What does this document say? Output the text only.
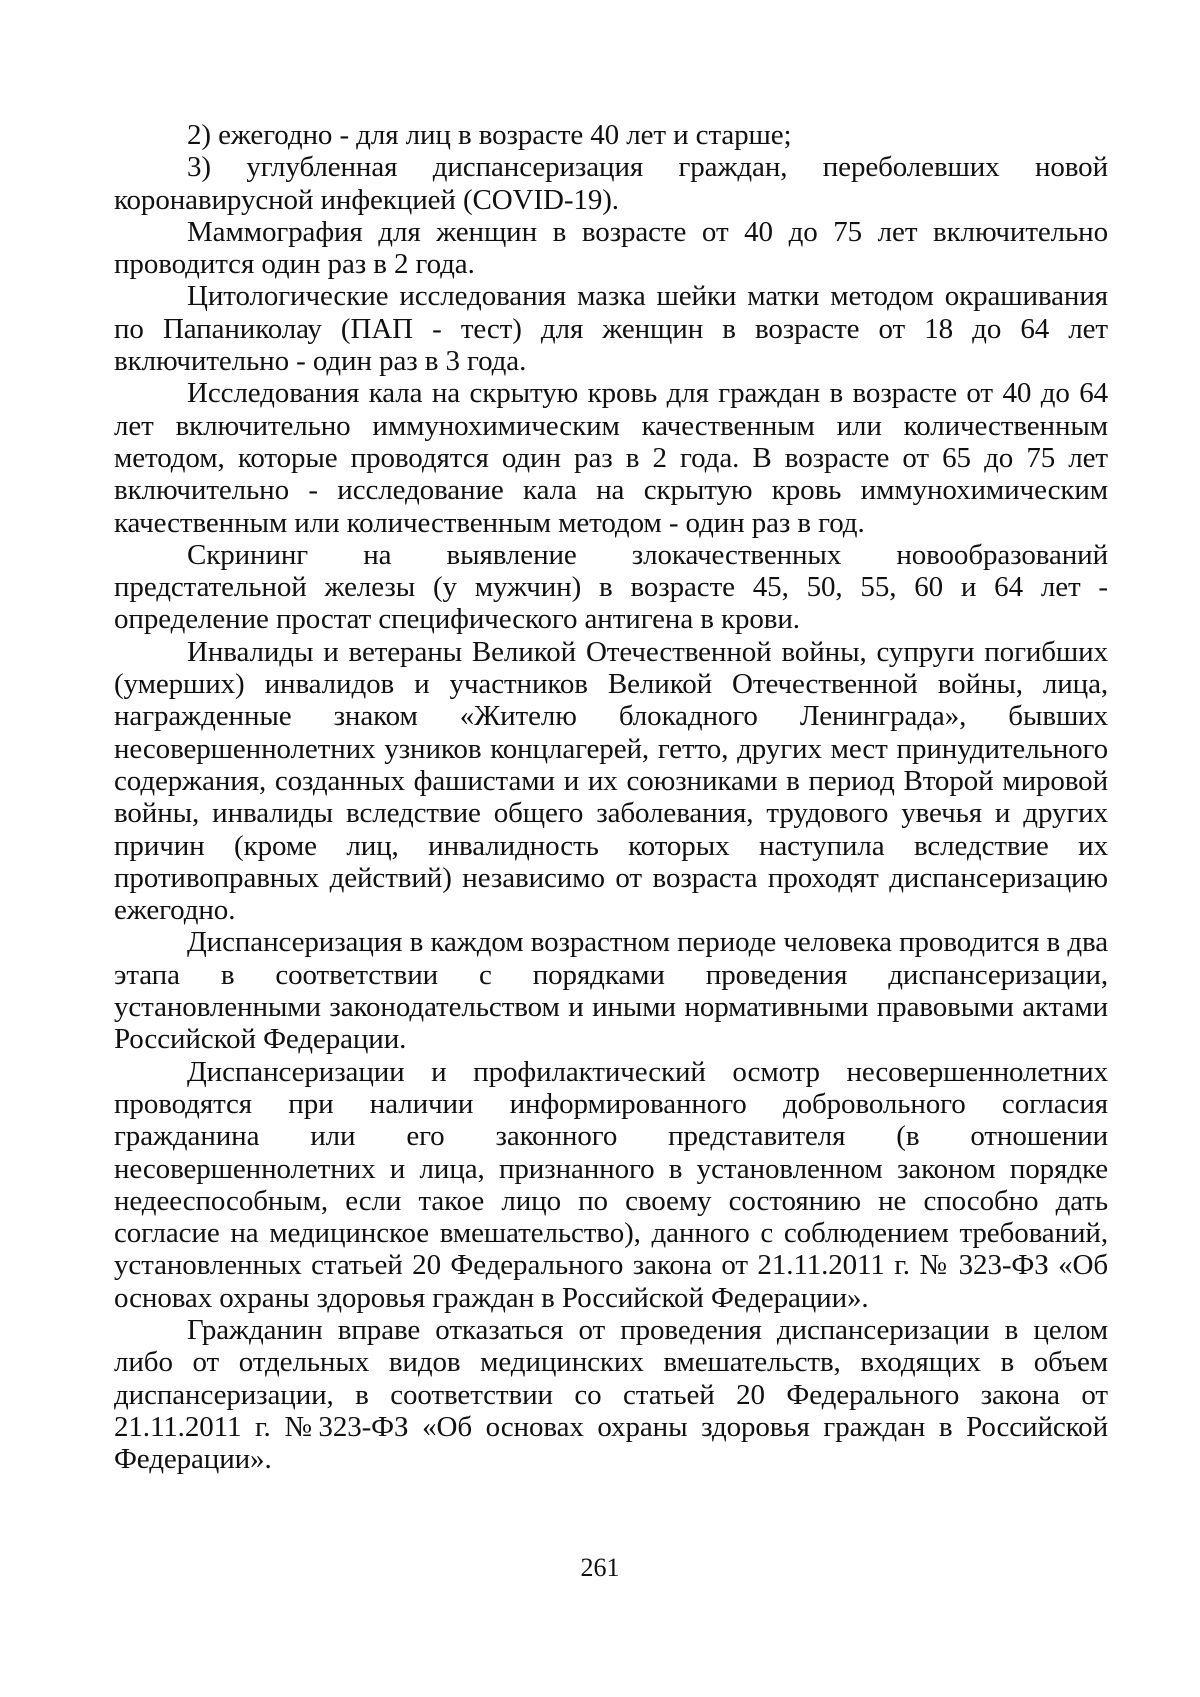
2) ежегодно - для лиц в возрасте 40 лет и старше;

3) углубленная диспансеризация граждан, переболевших новой коронавирусной инфекцией (COVID-19).

Маммография для женщин в возрасте от 40 до 75 лет включительно проводится один раз в 2 года.

Цитологические исследования мазка шейки матки методом окрашивания по Папаниколау (ПАП - тест) для женщин в возрасте от 18 до 64 лет включительно - один раз в 3 года.

Исследования кала на скрытую кровь для граждан в возрасте от 40 до 64 лет включительно иммунохимическим качественным или количественным методом, которые проводятся один раз в 2 года. В возрасте от 65 до 75 лет включительно - исследование кала на скрытую кровь иммунохимическим качественным или количественным методом - один раз в год.

Скрининг на выявление злокачественных новообразований предстательной железы (у мужчин) в возрасте 45, 50, 55, 60 и 64 лет - определение простат специфического антигена в крови.

Инвалиды и ветераны Великой Отечественной войны, супруги погибших (умерших) инвалидов и участников Великой Отечественной войны, лица, награжденные знаком «Жителю блокадного Ленинграда», бывших несовершеннолетних узников концлагерей, гетто, других мест принудительного содержания, созданных фашистами и их союзниками в период Второй мировой войны, инвалиды вследствие общего заболевания, трудового увечья и других причин (кроме лиц, инвалидность которых наступила вследствие их противоправных действий) независимо от возраста проходят диспансеризацию ежегодно.

Диспансеризация в каждом возрастном периоде человека проводится в два этапа в соответствии с порядками проведения диспансеризации, установленными законодательством и иными нормативными правовыми актами Российской Федерации.

Диспансеризации и профилактический осмотр несовершеннолетних проводятся при наличии информированного добровольного согласия гражданина или его законного представителя (в отношении несовершеннолетних и лица, признанного в установленном законом порядке недееспособным, если такое лицо по своему состоянию не способно дать согласие на медицинское вмешательство), данного с соблюдением требований, установленных статьей 20 Федерального закона от 21.11.2011 г. № 323-ФЗ «Об основах охраны здоровья граждан в Российской Федерации».

Гражданин вправе отказаться от проведения диспансеризации в целом либо от отдельных видов медицинских вмешательств, входящих в объем диспансеризации, в соответствии со статьей 20 Федерального закона от 21.11.2011 г. №323-ФЗ «Об основах охраны здоровья граждан в Российской Федерации».

261
